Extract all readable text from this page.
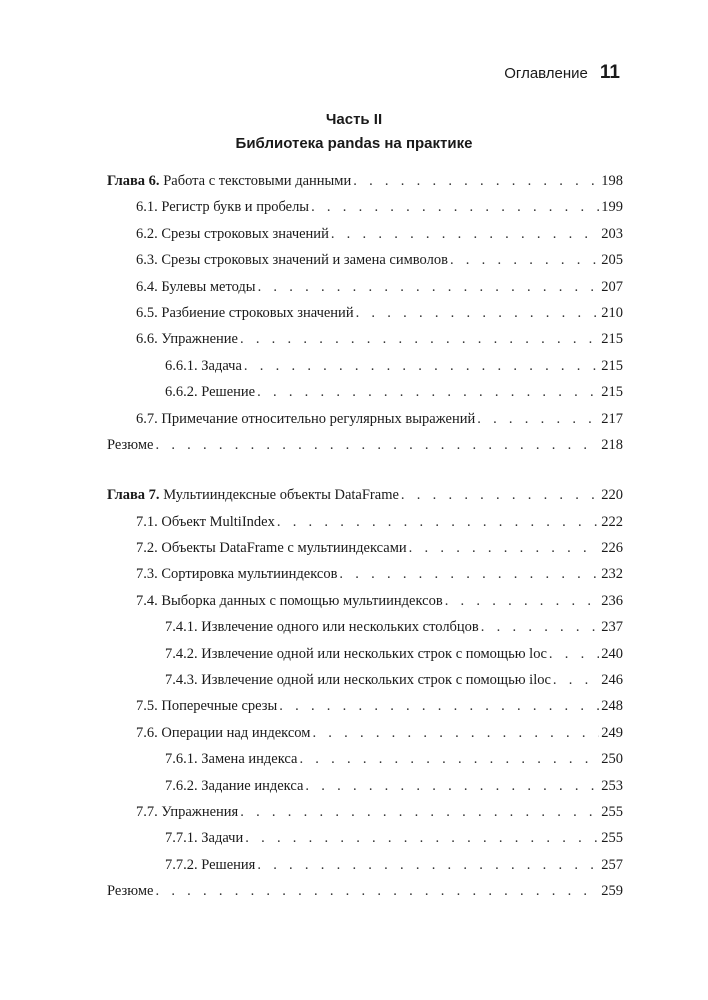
Оглавление 11
Часть II
Библиотека pandas на практике
Глава 6. Работа с текстовыми данными . . .	198
6.1. Регистр букв и пробелы . . .	199
6.2. Срезы строковых значений . . .	203
6.3. Срезы строковых значений и замена символов . . .	205
6.4. Булевы методы . . .	207
6.5. Разбиение строковых значений . . .	210
6.6. Упражнение . . .	215
6.6.1. Задача . . .	215
6.6.2. Решение . . .	215
6.7. Примечание относительно регулярных выражений . . .	217
Резюме . . .	218
Глава 7. Мультииндексные объекты DataFrame . . .	220
7.1. Объект MultiIndex . . .	222
7.2. Объекты DataFrame с мультииндексами . . .	226
7.3. Сортировка мультииндексов . . .	232
7.4. Выборка данных с помощью мультииндексов . . .	236
7.4.1. Извлечение одного или нескольких столбцов . . .	237
7.4.2. Извлечение одной или нескольких строк с помощью loc . . .	240
7.4.3. Извлечение одной или нескольких строк с помощью iloc . . .	246
7.5. Поперечные срезы . . .	248
7.6. Операции над индексом . . .	249
7.6.1. Замена индекса . . .	250
7.6.2. Задание индекса . . .	253
7.7. Упражнения . . .	255
7.7.1. Задачи . . .	255
7.7.2. Решения . . .	257
Резюме . . .	259
